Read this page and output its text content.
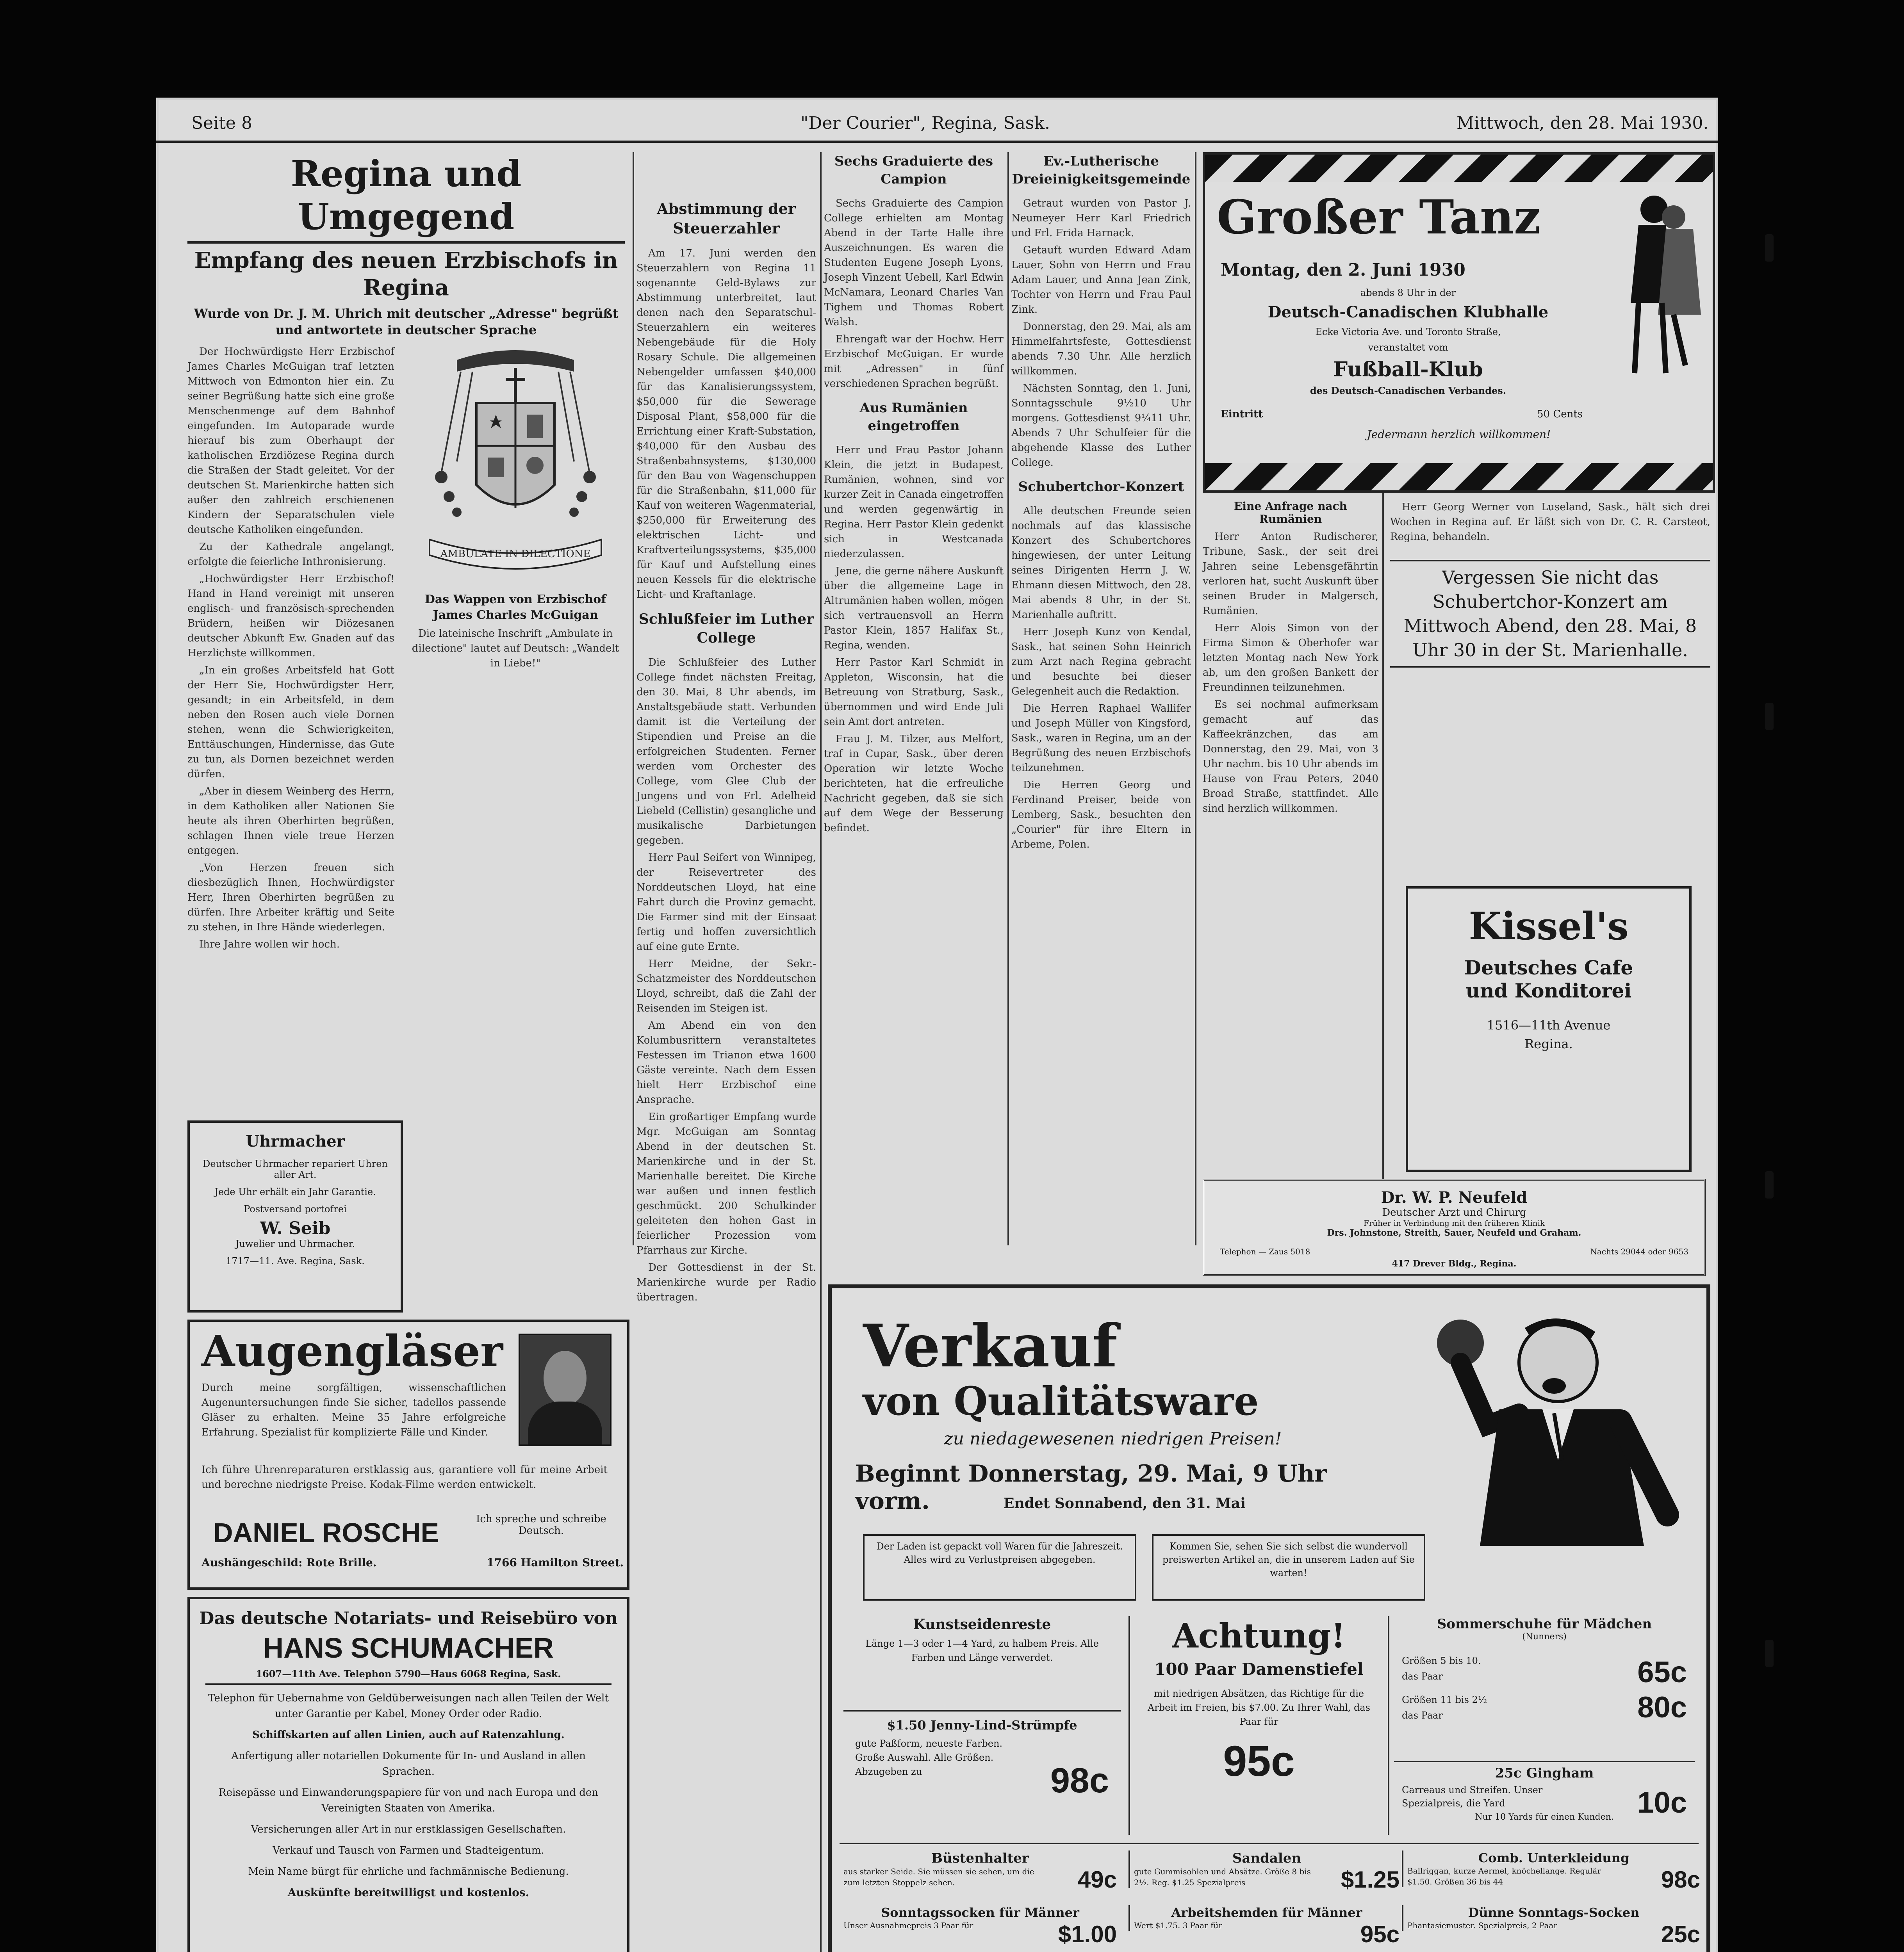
Seite 8	"Der Courier", Regina, Sask.	Mittwoch, den 28. Mai 1930.
Regina und Umgegend
Empfang des neuen Erzbischofs in Regina
Wurde von Dr. J. M. Uhrich mit deutscher „Adresse" begrüßt und antwortete in deutscher Sprache

Der Hochwürdigste Herr Erzbischof James Charles McGuigan traf letzten Mittwoch von Edmonton hier ein. Zu seiner Begrüßung hatte sich eine große Menschenmenge auf dem Bahnhof eingefunden. Im Autoparade wurde hierauf bis zum Oberhaupt der katholischen Erzdiözese Regina durch die Straßen der Stadt geleitet. Vor der deutschen St. Marienkirche hatten sich außer den zahlreich erschienenen Kindern der Separatschulen viele deutsche Katholiken eingefunden.

Zu der Kathedrale angelangt, erfolgte die feierliche Inthronisierung.

„Hochwürdigster Herr Erzbischof! Hand in Hand vereinigt mit unseren englisch- und französisch-sprechenden Brüdern, heißen wir Diözesanen deutscher Abkunft Ew. Gnaden auf das Herzlichste willkommen.

„In ein großes Arbeitsfeld hat Gott der Herr Sie, Hochwürdigster Herr, gesandt; in ein Arbeitsfeld, in dem neben den Rosen auch viele Dornen stehen, wenn die Schwierigkeiten, Enttäuschungen, Hindernisse, das Gute zu tun, als Dornen bezeichnet werden dürfen.

„Aber in diesem Weinberg des Herrn, in dem Katholiken aller Nationen Sie heute als ihren Oberhirten begrüßen, schlagen Ihnen viele treue Herzen entgegen.

„Von Herzen freuen sich diesbezüglich Ihnen, Hochwürdigster Herr, Ihren Oberhirten begrüßen zu dürfen. Ihre Arbeiter kräftig und Seite zu stehen, in Ihre Hände wiederlegen.

Ihre Jahre wollen wir hoch.

AMBULATE IN DILECTIONE
Das Wappen von Erzbischof James Charles McGuigan
Die lateinische Inschrift „Ambulate in dilectione" lautet auf Deutsch: „Wandelt in Liebe!"

Uhrmacher
Deutscher Uhrmacher repariert Uhren aller Art.
Jede Uhr erhält ein Jahr Garantie.
Postversand portofrei
W. Seib
Juwelier und Uhrmacher.
1717—11. Ave. Regina, Sask.
Augengläser
Durch meine sorgfältigen, wissenschaftlichen Augenuntersuchungen finde Sie sicher, tadellos passende Gläser zu erhalten. Meine 35 Jahre erfolgreiche Erfahrung. Spezialist für komplizierte Fälle und Kinder.
Ich führe Uhrenreparaturen erstklassig aus, garantiere voll für meine Arbeit und berechne niedrigste Preise. Kodak-Filme werden entwickelt.
DANIEL ROSCHE	Ich spreche und schreibe Deutsch.
Aushängeschild: Rote Brille.	1766 Hamilton Street.
Das deutsche Notariats- und Reisebüro von
HANS SCHUMACHER
1607—11th Ave. Telephon 5790—Haus 6068 Regina, Sask.
Telephon für Uebernahme von Geldüberweisungen nach allen Teilen der Welt unter Garantie per Kabel, Money Order oder Radio.
Schiffskarten auf allen Linien, auch auf Ratenzahlung.
Anfertigung aller notariellen Dokumente für In- und Ausland in allen Sprachen.
Reisepässe und Einwanderungspapiere für von und nach Europa und den Vereinigten Staaten von Amerika.
Versicherungen aller Art in nur erstklassigen Gesellschaften.
Verkauf und Tausch von Farmen und Stadteigentum.
Mein Name bürgt für ehrliche und fachmännische Bedienung.
Auskünfte bereitwilligst und kostenlos.
Abstimmung der Steuerzahler

Am 17. Juni werden den Steuerzahlern von Regina 11 sogenannte Geld-Bylaws zur Abstimmung unterbreitet, laut denen nach den Separatschul-Steuerzahlern ein weiteres Nebengebäude für die Holy Rosary Schule. Die allgemeinen Nebengelder umfassen $40,000 für das Kanalisierungssystem, $50,000 für die Sewerage Disposal Plant, $58,000 für die Errichtung einer Kraft-Substation, $40,000 für den Ausbau des Straßenbahnsystems, $130,000 für den Bau von Wagenschuppen für die Straßenbahn, $11,000 für Kauf von weiteren Wagenmaterial, $250,000 für Erweiterung des elektrischen Licht- und Kraftverteilungssystems, $35,000 für Kauf und Aufstellung eines neuen Kessels für die elektrische Licht- und Kraftanlage.

Schlußfeier im Luther College

Die Schlußfeier des Luther College findet nächsten Freitag, den 30. Mai, 8 Uhr abends, im Anstaltsgebäude statt. Verbunden damit ist die Verteilung der Stipendien und Preise an die erfolgreichen Studenten. Ferner werden vom Orchester des College, vom Glee Club der Jungens und von Frl. Adelheid Liebeld (Cellistin) gesangliche und musikalische Darbietungen gegeben.

Herr Paul Seifert von Winnipeg, der Reisevertreter des Norddeutschen Lloyd, hat eine Fahrt durch die Provinz gemacht. Die Farmer sind mit der Einsaat fertig und hoffen zuversichtlich auf eine gute Ernte.

Herr Meidne, der Sekr.-Schatzmeister des Norddeutschen Lloyd, schreibt, daß die Zahl der Reisenden im Steigen ist.

Am Abend ein von den Kolumbusrittern veranstaltetes Festessen im Trianon etwa 1600 Gäste vereinte. Nach dem Essen hielt Herr Erzbischof eine Ansprache.

Ein großartiger Empfang wurde Mgr. McGuigan am Sonntag Abend in der deutschen St. Marienkirche und in der St. Marienhalle bereitet. Die Kirche war außen und innen festlich geschmückt. 200 Schulkinder geleiteten den hohen Gast in feierlicher Prozession vom Pfarrhaus zur Kirche.

Der Gottesdienst in der St. Marienkirche wurde per Radio übertragen.

Sechs Graduierte des Campion

Sechs Graduierte des Campion College erhielten am Montag Abend in der Tarte Halle ihre Auszeichnungen. Es waren die Studenten Eugene Joseph Lyons, Joseph Vinzent Uebell, Karl Edwin McNamara, Leonard Charles Van Tighem und Thomas Robert Walsh.

Ehrengaft war der Hochw. Herr Erzbischof McGuigan. Er wurde mit „Adressen" in fünf verschiedenen Sprachen begrüßt.

Aus Rumänien eingetroffen

Herr und Frau Pastor Johann Klein, die jetzt in Budapest, Rumänien, wohnen, sind vor kurzer Zeit in Canada eingetroffen und werden gegenwärtig in Regina. Herr Pastor Klein gedenkt sich in Westcanada niederzulassen.

Jene, die gerne nähere Auskunft über die allgemeine Lage in Altrumänien haben wollen, mögen sich vertrauensvoll an Herrn Pastor Klein, 1857 Halifax St., Regina, wenden.

Herr Pastor Karl Schmidt in Appleton, Wisconsin, hat die Betreuung von Stratburg, Sask., übernommen und wird Ende Juli sein Amt dort antreten.

Frau J. M. Tilzer, aus Melfort, traf in Cupar, Sask., über deren Operation wir letzte Woche berichteten, hat die erfreuliche Nachricht gegeben, daß sie sich auf dem Wege der Besserung befindet.

Ev.-Lutherische Dreieinigkeitsgemeinde

Getraut wurden von Pastor J. Neumeyer Herr Karl Friedrich und Frl. Frida Harnack.

Getauft wurden Edward Adam Lauer, Sohn von Herrn und Frau Adam Lauer, und Anna Jean Zink, Tochter von Herrn und Frau Paul Zink.

Donnerstag, den 29. Mai, als am Himmelfahrtsfeste, Gottesdienst abends 7.30 Uhr. Alle herzlich willkommen.

Nächsten Sonntag, den 1. Juni, Sonntagsschule 9½10 Uhr morgens. Gottesdienst 9¼11 Uhr. Abends 7 Uhr Schulfeier für die abgehende Klasse des Luther College.

Schubertchor-Konzert

Alle deutschen Freunde seien nochmals auf das klassische Konzert des Schubertchores hingewiesen, der unter Leitung seines Dirigenten Herrn J. W. Ehmann diesen Mittwoch, den 28. Mai abends 8 Uhr, in der St. Marienhalle auftritt.

Herr Joseph Kunz von Kendal, Sask., hat seinen Sohn Heinrich zum Arzt nach Regina gebracht und besuchte bei dieser Gelegenheit auch die Redaktion.

Die Herren Raphael Wallifer und Joseph Müller von Kingsford, Sask., waren in Regina, um an der Begrüßung des neuen Erzbischofs teilzunehmen.

Die Herren Georg und Ferdinand Preiser, beide von Lemberg, Sask., besuchten den „Courier" für ihre Eltern in Arbeme, Polen.

Großer Tanz
Montag, den 2. Juni 1930
abends 8 Uhr in der
Deutsch-Canadischen Klubhalle
Ecke Victoria Ave. und Toronto Straße,
veranstaltet vom
Fußball-Klub
des Deutsch-Canadischen Verbandes.
Eintritt	50 Cents
Jedermann herzlich willkommen!
Eine Anfrage nach Rumänien

Herr Anton Rudischerer, Tribune, Sask., der seit drei Jahren seine Lebensgefährtin verloren hat, sucht Auskunft über seinen Bruder in Malgersch, Rumänien.

Herr Alois Simon von der Firma Simon & Oberhofer war letzten Montag nach New York ab, um den großen Bankett der Freundinnen teilzunehmen.

Es sei nochmal aufmerksam gemacht auf das Kaffeekränzchen, das am Donnerstag, den 29. Mai, von 3 Uhr nachm. bis 10 Uhr abends im Hause von Frau Peters, 2040 Broad Straße, stattfindet. Alle sind herzlich willkommen.

Herr Georg Werner von Luseland, Sask., hält sich drei Wochen in Regina auf. Er läßt sich von Dr. C. R. Carsteot, Regina, behandeln.

Vergessen Sie nicht das Schubertchor-Konzert am Mittwoch Abend, den 28. Mai, 8 Uhr 30 in der St. Marienhalle.
Kissel's
Deutsches Cafe
und Konditorei
1516—11th Avenue
Regina.
Dr. W. P. Neufeld
Deutscher Arzt und Chirurg
Früher in Verbindung mit den früheren Klinik
Drs. Johnstone, Streith, Sauer, Neufeld und Graham.
Telephon — Zaus 5018	Nachts 29044 oder 9653
417 Drever Bldg., Regina.
Verkauf
von Qualitätsware
zu niedagewesenen niedrigen Preisen!
Beginnt Donnerstag, 29. Mai, 9 Uhr vorm.	Endet Sonnabend, den 31. Mai
Der Laden ist gepackt voll Waren für die Jahreszeit. Alles wird zu Verlustpreisen abgegeben.
Kommen Sie, sehen Sie sich selbst die wundervoll preiswerten Artikel an, die in unserem Laden auf Sie warten!
Kunstseidenreste
Länge 1—3 oder 1—4 Yard, zu halbem Preis. Alle Farben und Länge verwerdet.
$1.50 Jenny-Lind-Strümpfe
gute Paßform, neueste Farben. Große Auswahl. Alle Größen. Abzugeben zu	98c
Achtung!
100 Paar Damenstiefel
mit niedrigen Absätzen, das Richtige für die Arbeit im Freien, bis $7.00. Zu Ihrer Wahl, das Paar für
95c
Sommerschuhe für Mädchen
(Nunners)
Größen 5 bis 10.
das Paar	65c
Größen 11 bis 2½
das Paar	80c
25c Gingham
Carreaus und Streifen. Unser Spezialpreis, die Yard	10c
Nur 10 Yards für einen Kunden.
Büstenhalter
aus starker Seide. Sie müssen sie sehen, um die zum letzten Stoppelz sehen.	49c
Sonntagssocken für Männer
Unser Ausnahmepreis 3 Paar für	$1.00
Sandalen
gute Gummisohlen und Absätze. Größe 8 bis 2½. Reg. $1.25 Spezialpreis	$1.25
Arbeitshemden für Männer
Wert $1.75. 3 Paar für	95c
Comb. Unterkleidung
Ballriggan, kurze Aermel, knöchellange. Regulär $1.50. Größen 36 bis 44	98c
Dünne Sonntags-Socken
Phantasiemuster. Spezialpreis, 2 Paar	25c
